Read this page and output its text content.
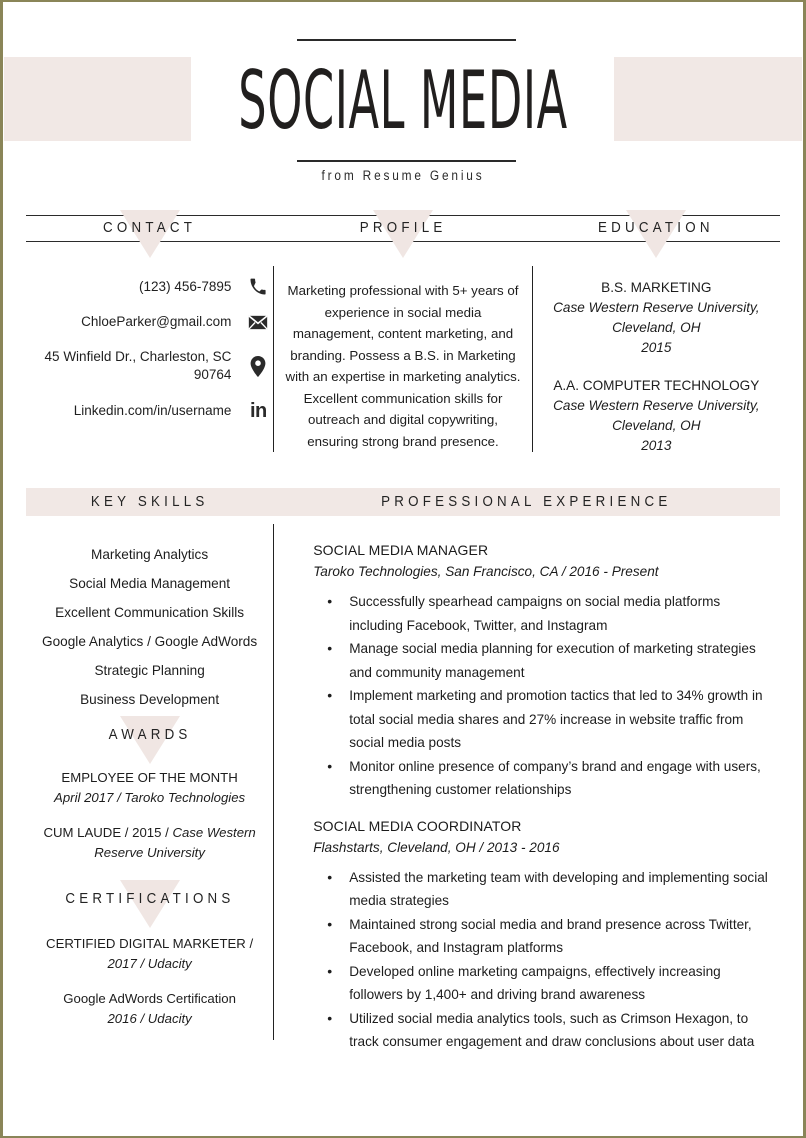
SOCIAL MEDIA
from Resume Genius
CONTACT	PROFILE	EDUCATION
(123) 456-7895
ChloeParker@gmail.com
45 Winfield Dr., Charleston, SC 90764
Linkedin.com/in/username in
Marketing professional with 5+ years of experience in social media management, content marketing, and branding. Possess a B.S. in Marketing with an expertise in marketing analytics. Excellent communication skills for outreach and digital copywriting, ensuring strong brand presence.
B.S. MARKETING
Case Western Reserve University, Cleveland, OH
2015
A.A. COMPUTER TECHNOLOGY
Case Western Reserve University, Cleveland, OH
2013
KEY SKILLS	PROFESSIONAL EXPERIENCE
Marketing Analytics
Social Media Management
Excellent Communication Skills
Google Analytics / Google AdWords
Strategic Planning
Business Development
AWARDS
EMPLOYEE OF THE MONTH
April 2017 / Taroko Technologies
CUM LAUDE / 2015 / Case Western Reserve University
CERTIFICATIONS
CERTIFIED DIGITAL MARKETER /
2017 / Udacity
Google AdWords Certification
2016 / Udacity
SOCIAL MEDIA MANAGER
Taroko Technologies, San Francisco, CA / 2016 - Present
• Successfully spearhead campaigns on social media platforms including Facebook, Twitter, and Instagram
• Manage social media planning for execution of marketing strategies and community management
• Implement marketing and promotion tactics that led to 34% growth in total social media shares and 27% increase in website traffic from social media posts
• Monitor online presence of company’s brand and engage with users, strengthening customer relationships
SOCIAL MEDIA COORDINATOR
Flashstarts, Cleveland, OH / 2013 - 2016
• Assisted the marketing team with developing and implementing social media strategies
• Maintained strong social media and brand presence across Twitter, Facebook, and Instagram platforms
• Developed online marketing campaigns, effectively increasing followers by 1,400+ and driving brand awareness
• Utilized social media analytics tools, such as Crimson Hexagon, to track consumer engagement and draw conclusions about user data
